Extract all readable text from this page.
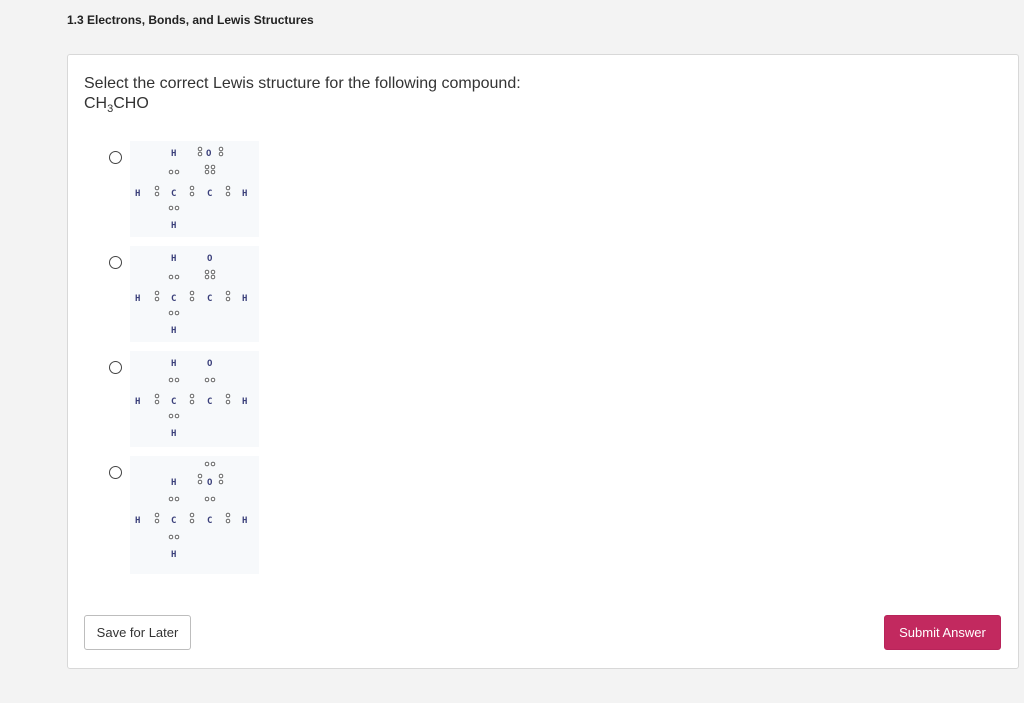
1.3 Electrons, Bonds, and Lewis Structures
Select the correct Lewis structure for the following compound:
$CH_3CHO$
H	O
H	C	C	H
H
H	O
H	C	C	H
H
H	O
H	C	C	H
H
H	O
H	C	C	H
H
Save for Later	Submit Answer
